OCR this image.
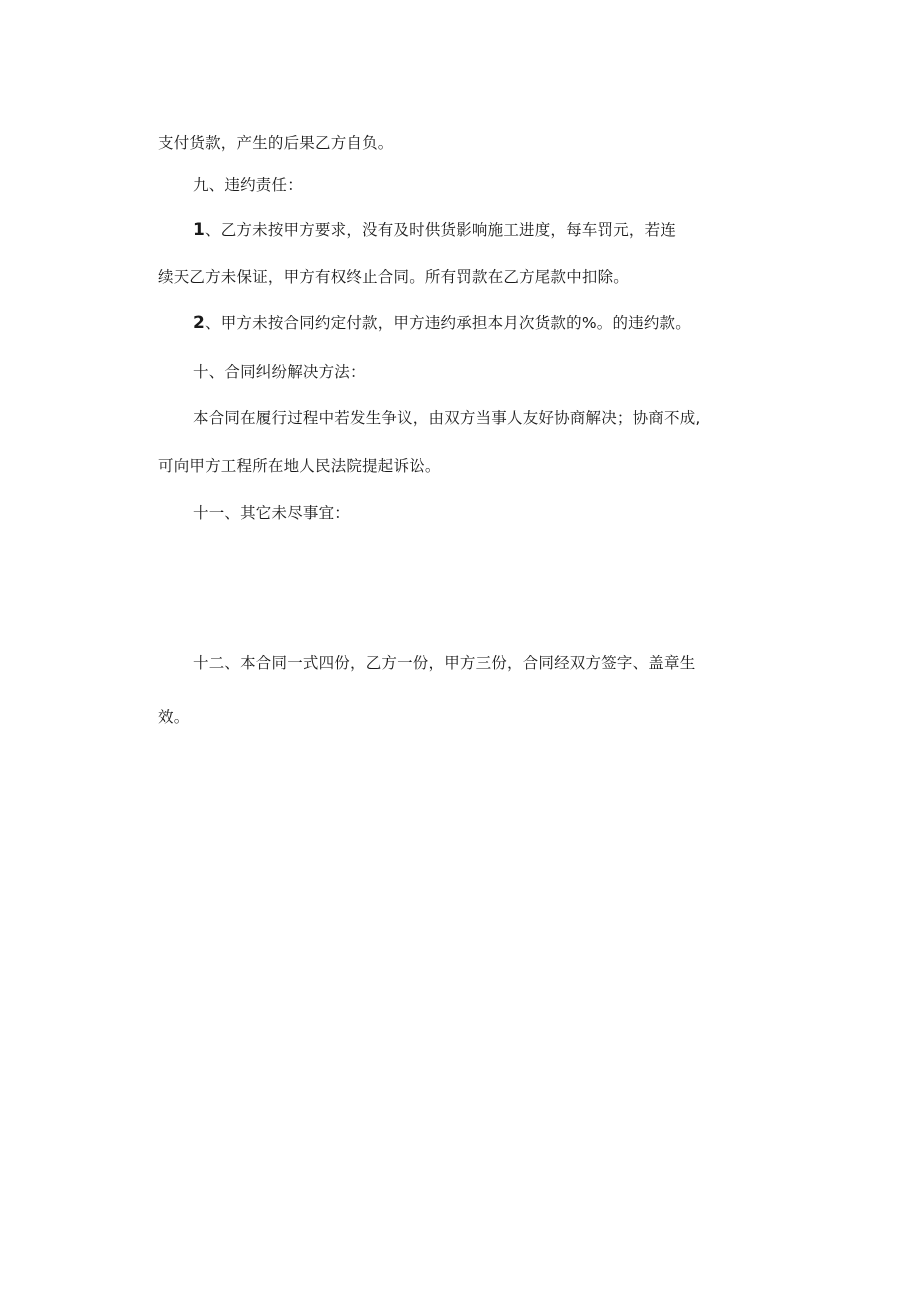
支付货款，产生的后果乙方自负。
九、违约责任：
1、乙方未按甲方要求，没有及时供货影响施工进度，每车罚元，若连
续天乙方未保证，甲方有权终止合同。所有罚款在乙方尾款中扣除。
2、甲方未按合同约定付款，甲方违约承担本月次货款的%。的违约款。
十、合同纠纷解决方法：
本合同在履行过程中若发生争议，由双方当事人友好协商解决；协商不成,
可向甲方工程所在地人民法院提起诉讼。
十一、其它未尽事宜：
十二、本合同一式四份，乙方一份，甲方三份，合同经双方签字、盖章生
效。
